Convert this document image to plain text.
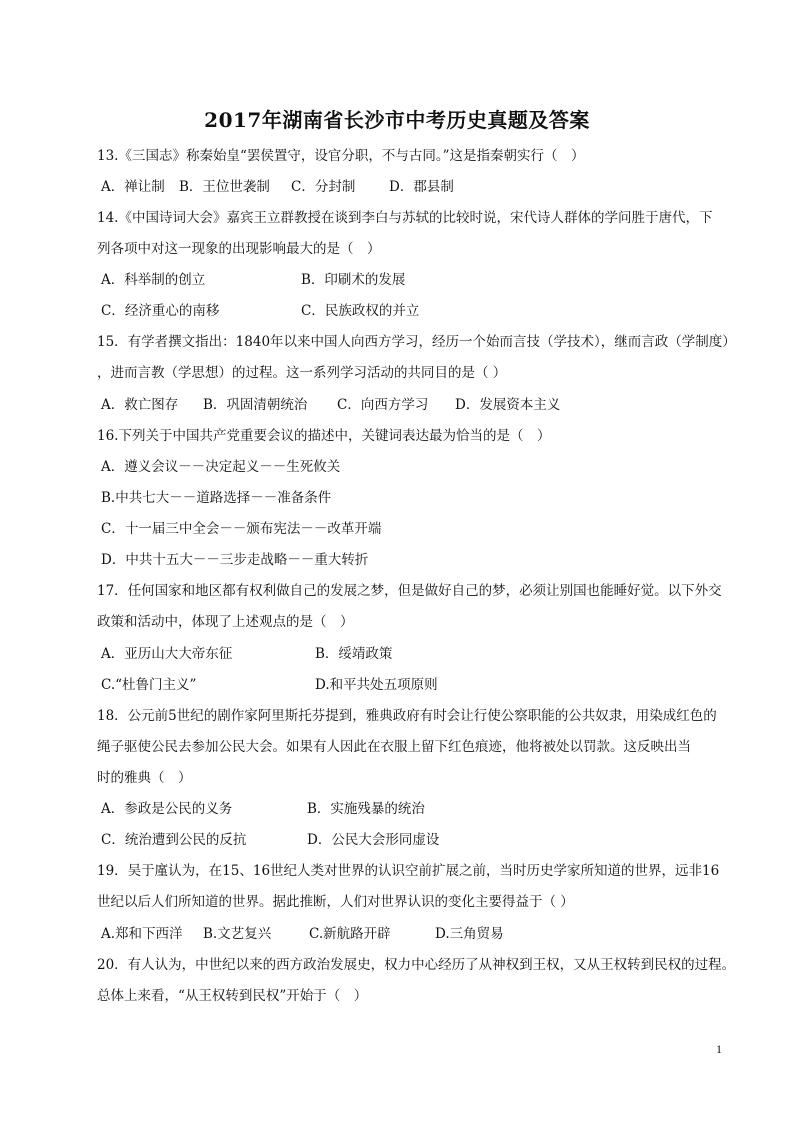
2017年湖南省长沙市中考历史真题及答案
13.《三国志》称秦始皇“罢侯置守，设官分职，不与古同。”这是指秦朝实行（　）
A．禅让制 B．王位世袭制 C．分封制 D．郡县制
14.《中国诗词大会》嘉宾王立群教授在谈到李白与苏轼的比较时说，宋代诗人群体的学问胜于唐代，下
列各项中对这一现象的出现影响最大的是（　）
A．科举制的创立	B．印刷术的发展
C．经济重心的南移	C．民族政权的并立
15．有学者撰文指出：1840年以来中国人向西方学习，经历一个始而言技（学技术），继而言政（学制度）
，进而言教（学思想）的过程。这一系列学习活动的共同目的是（ ）
A．救亡图存 B．巩固清朝统治 C．向西方学习 D．发展资本主义
16.下列关于中国共产党重要会议的描述中，关键词表达最为恰当的是（　）
A．遵义会议－－决定起义－－生死攸关
B.中共七大－－道路选择－－准备条件
C．十一届三中全会－－颁布宪法－－改革开端
D．中共十五大－－三步走战略－－重大转折
17．任何国家和地区都有权利做自己的发展之梦，但是做好自己的梦，必须让别国也能睡好觉。以下外交
政策和活动中，体现了上述观点的是（　）
A．亚历山大大帝东征	B．绥靖政策
C.“杜鲁门主义”	D.和平共处五项原则
18．公元前5世纪的剧作家阿里斯托芬提到，雅典政府有时会让行使公察职能的公共奴隶，用染成红色的
绳子驱使公民去参加公民大会。如果有人因此在衣服上留下红色痕迹，他将被处以罚款。这反映出当
时的雅典（　）
A．参政是公民的义务	B．实施残暴的统治
C．统治遭到公民的反抗	D．公民大会形同虚设
19．吴于廑认为，在15、16世纪人类对世界的认识空前扩展之前，当时历史学家所知道的世界，远非16
世纪以后人们所知道的世界。据此推断，人们对世界认识的变化主要得益于（ ）
A.郑和下西洋 B.文艺复兴	C.新航路开辟	D.三角贸易
20．有人认为，中世纪以来的西方政治发展史，权力中心经历了从神权到王权，又从王权转到民权的过程。
总体上来看，“从王权转到民权”开始于（　）
1
